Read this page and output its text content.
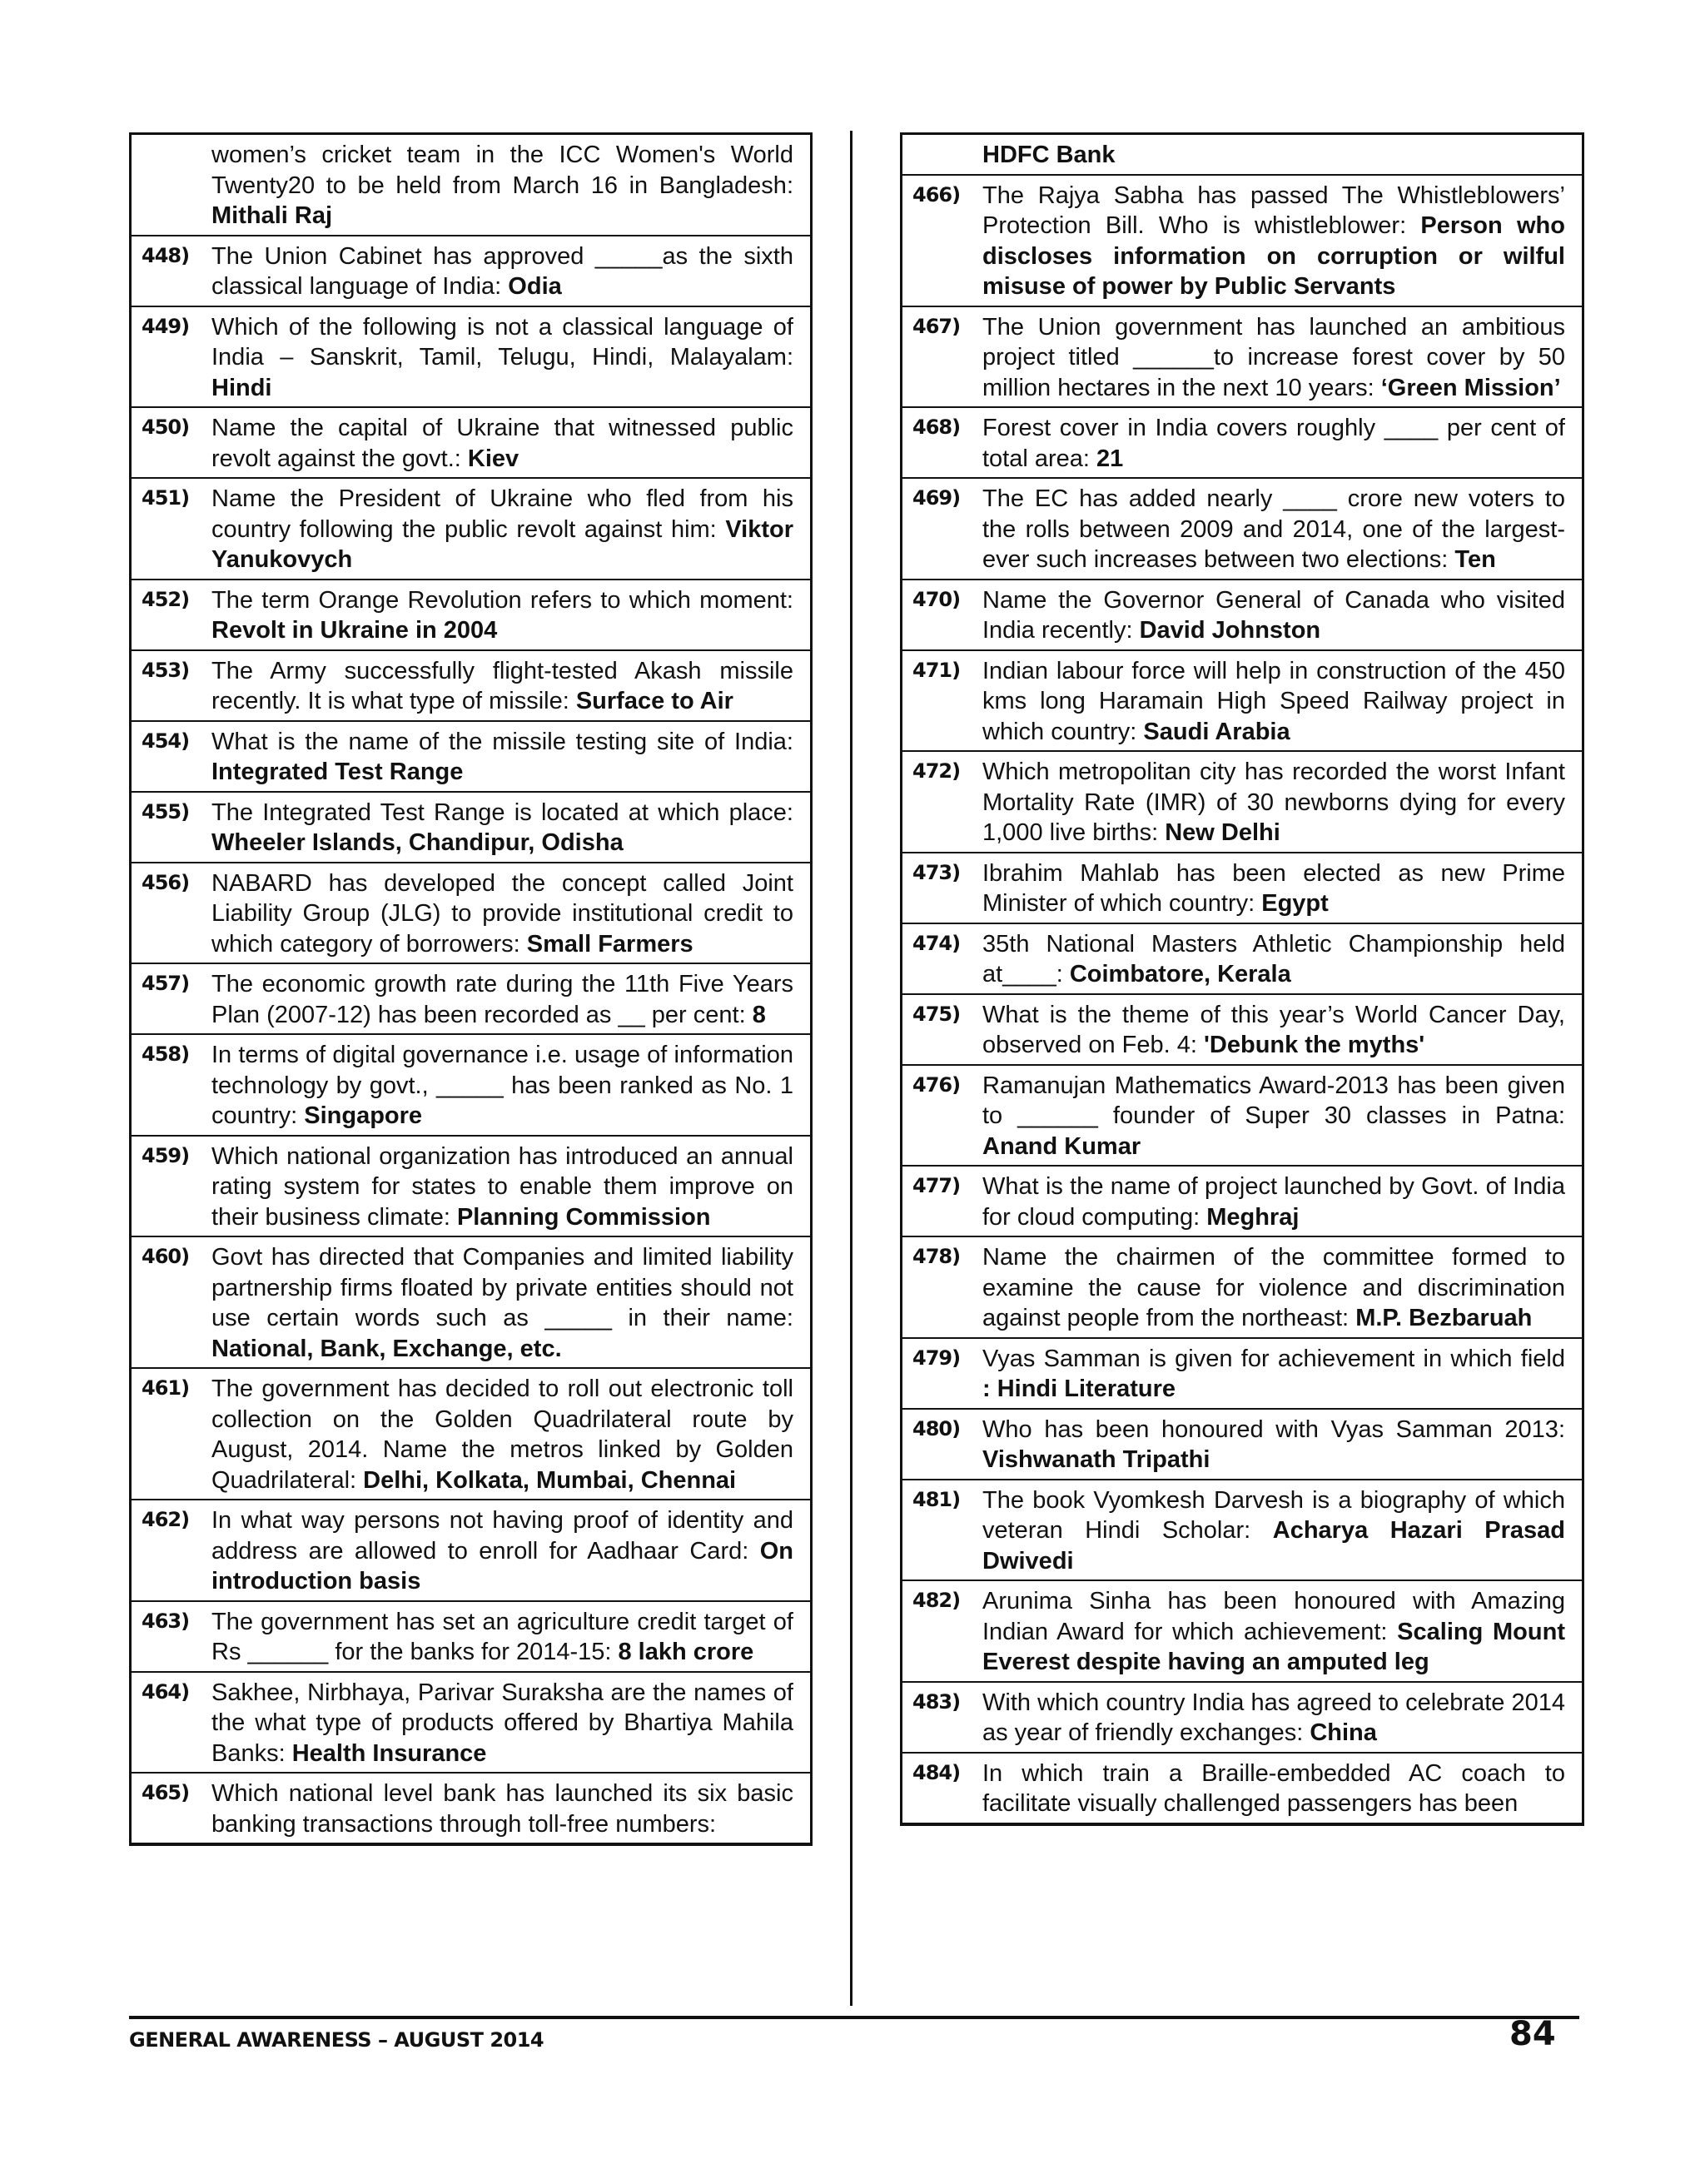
women’s cricket team in the ICC Women's World Twenty20 to be held from March 16 in Bangladesh: Mithali Raj
448) The Union Cabinet has approved _____as the sixth classical language of India: Odia
449) Which of the following is not a classical language of India – Sanskrit, Tamil, Telugu, Hindi, Malayalam: Hindi
450) Name the capital of Ukraine that witnessed public revolt against the govt.: Kiev
451) Name the President of Ukraine who fled from his country following the public revolt against him: Viktor Yanukovych
452) The term Orange Revolution refers to which moment: Revolt in Ukraine in 2004
453) The Army successfully flight-tested Akash missile recently. It is what type of missile: Surface to Air
454) What is the name of the missile testing site of India: Integrated Test Range
455) The Integrated Test Range is located at which place: Wheeler Islands, Chandipur, Odisha
456) NABARD has developed the concept called Joint Liability Group (JLG) to provide institutional credit to which category of borrowers: Small Farmers
457) The economic growth rate during the 11th Five Years Plan (2007-12) has been recorded as __ per cent: 8
458) In terms of digital governance i.e. usage of information technology by govt., _____ has been ranked as No. 1 country: Singapore
459) Which national organization has introduced an annual rating system for states to enable them improve on their business climate: Planning Commission
460) Govt has directed that Companies and limited liability partnership firms floated by private entities should not use certain words such as _____ in their name: National, Bank, Exchange, etc.
461) The government has decided to roll out electronic toll collection on the Golden Quadrilateral route by August, 2014. Name the metros linked by Golden Quadrilateral: Delhi, Kolkata, Mumbai, Chennai
462) In what way persons not having proof of identity and address are allowed to enroll for Aadhaar Card: On introduction basis
463) The government has set an agriculture credit target of Rs ______ for the banks for 2014-15: 8 lakh crore
464) Sakhee, Nirbhaya, Parivar Suraksha are the names of the what type of products offered by Bhartiya Mahila Banks: Health Insurance
465) Which national level bank has launched its six basic banking transactions through toll-free numbers:
HDFC Bank
466) The Rajya Sabha has passed The Whistleblowers’ Protection Bill. Who is whistleblower: Person who discloses information on corruption or wilful misuse of power by Public Servants
467) The Union government has launched an ambitious project titled ______to increase forest cover by 50 million hectares in the next 10 years: ‘Green Mission’
468) Forest cover in India covers roughly ____ per cent of total area: 21
469) The EC has added nearly ____ crore new voters to the rolls between 2009 and 2014, one of the largest-ever such increases between two elections: Ten
470) Name the Governor General of Canada who visited India recently: David Johnston
471) Indian labour force will help in construction of the 450 kms long Haramain High Speed Railway project in which country: Saudi Arabia
472) Which metropolitan city has recorded the worst Infant Mortality Rate (IMR) of 30 newborns dying for every 1,000 live births: New Delhi
473) Ibrahim Mahlab has been elected as new Prime Minister of which country: Egypt
474) 35th National Masters Athletic Championship held at____: Coimbatore, Kerala
475) What is the theme of this year’s World Cancer Day, observed on Feb. 4: 'Debunk the myths'
476) Ramanujan Mathematics Award-2013 has been given to ______ founder of Super 30 classes in Patna: Anand Kumar
477) What is the name of project launched by Govt. of India for cloud computing: Meghraj
478) Name the chairmen of the committee formed to examine the cause for violence and discrimination against people from the northeast: M.P. Bezbaruah
479) Vyas Samman is given for achievement in which field : Hindi Literature
480) Who has been honoured with Vyas Samman 2013: Vishwanath Tripathi
481) The book Vyomkesh Darvesh is a biography of which veteran Hindi Scholar: Acharya Hazari Prasad Dwivedi
482) Arunima Sinha has been honoured with Amazing Indian Award for which achievement: Scaling Mount Everest despite having an amputed leg
483) With which country India has agreed to celebrate 2014 as year of friendly exchanges: China
484) In which train a Braille-embedded AC coach to facilitate visually challenged passengers has been
GENERAL AWARENESS – AUGUST 2014	84
